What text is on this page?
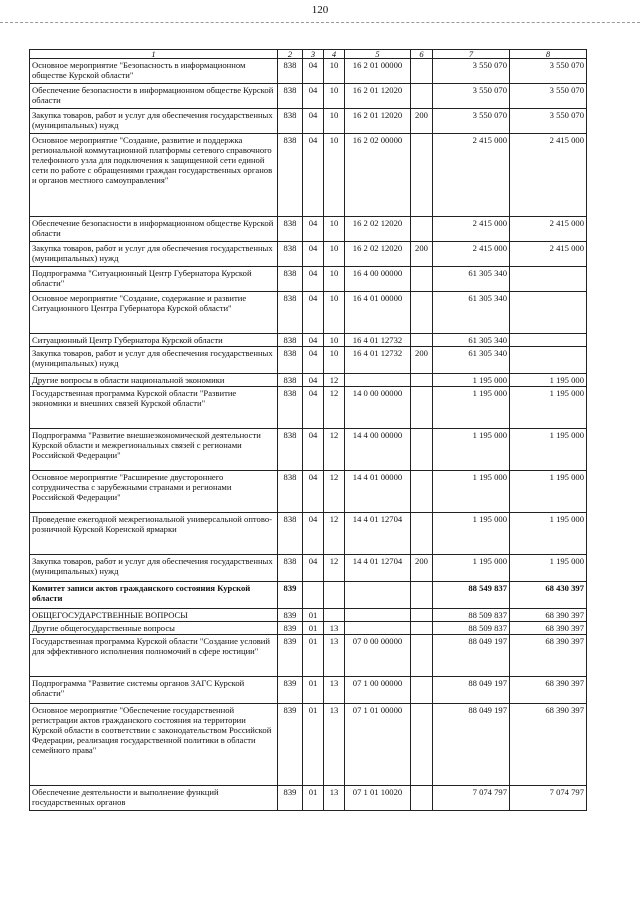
120
1	2	3	4	5	6	7	8
Основное мероприятие "Безопасность в информационном обществе Курской области"	838	04	10	16 2 01 00000		3 550 070	3 550 070
Обеспечение безопасности в информационном обществе Курской области	838	04	10	16 2 01 12020		3 550 070	3 550 070
Закупка товаров, работ и услуг для обеспечения государственных (муниципальных) нужд	838	04	10	16 2 01 12020	200	3 550 070	3 550 070
Основное мероприятие "Создание, развитие и поддержка региональной коммутационной платформы сетевого справочного телефонного узла для подключения к защищенной сети единой сети по работе с обращениями граждан государственных органов и органов местного самоуправления"	838	04	10	16 2 02 00000		2 415 000	2 415 000
Обеспечение безопасности в информационном обществе Курской области	838	04	10	16 2 02 12020		2 415 000	2 415 000
Закупка товаров, работ и услуг для обеспечения государственных (муниципальных) нужд	838	04	10	16 2 02 12020	200	2 415 000	2 415 000
Подпрограмма "Ситуационный Центр Губернатора Курской области"	838	04	10	16 4 00 00000		61 305 340	
Основное мероприятие "Создание, содержание и развитие Ситуационного Центра Губернатора Курской области"	838	04	10	16 4 01 00000		61 305 340	
Ситуационный Центр Губернатора Курской области	838	04	10	16 4 01 12732		61 305 340	
Закупка товаров, работ и услуг для обеспечения государственных (муниципальных) нужд	838	04	10	16 4 01 12732	200	61 305 340	
Другие вопросы в области национальной экономики	838	04	12			1 195 000	1 195 000
Государственная программа Курской области "Развитие экономики и внешних связей Курской области"	838	04	12	14 0 00 00000		1 195 000	1 195 000
Подпрограмма "Развитие внешнеэкономической деятельности Курской области и межрегиональных связей с регионами Российской Федерации"	838	04	12	14 4 00 00000		1 195 000	1 195 000
Основное мероприятие "Расширение двустороннего сотрудничества с зарубежными странами и регионами Российской Федерации"	838	04	12	14 4 01 00000		1 195 000	1 195 000
Проведение ежегодной межрегиональной универсальной оптово-розничной Курской Коренской ярмарки	838	04	12	14 4 01 12704		1 195 000	1 195 000
Закупка товаров, работ и услуг для обеспечения государственных (муниципальных) нужд	838	04	12	14 4 01 12704	200	1 195 000	1 195 000
Комитет записи актов гражданского состояния Курской области	839					88 549 837	68 430 397
ОБЩЕГОСУДАРСТВЕННЫЕ ВОПРОСЫ	839	01				88 509 837	68 390 397
Другие общегосударственные вопросы	839	01	13			88 509 837	68 390 397
Государственная программа Курской области "Создание условий для эффективного исполнения полномочий в сфере юстиции"	839	01	13	07 0 00 00000		88 049 197	68 390 397
Подпрограмма "Развитие системы органов ЗАГС Курской области"	839	01	13	07 1 00 00000		88 049 197	68 390 397
Основное мероприятие "Обеспечение государственной регистрации актов гражданского состояния на территории Курской области в соответствии с законодательством Российской Федерации, реализация государственной политики в области семейного права"	839	01	13	07 1 01 00000		88 049 197	68 390 397
Обеспечение деятельности и выполнение функций государственных органов	839	01	13	07 1 01 10020		7 074 797	7 074 797
